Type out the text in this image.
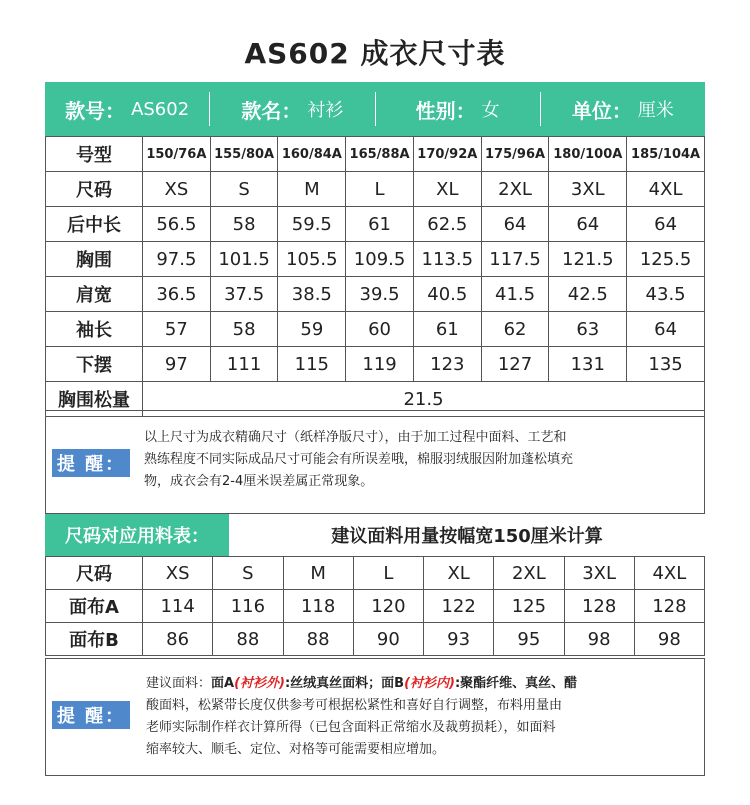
AS602 成衣尺寸表
款号： AS602	款名： 衬衫	性别： 女	单位： 厘米
号型	150/76A	155/80A	160/84A	165/88A	170/92A	175/96A	180/100A	185/104A
尺码	XS	S	M	L	XL	2XL	3XL	4XL
后中长	56.5	58	59.5	61	62.5	64	64	64
胸围	97.5	101.5	105.5	109.5	113.5	117.5	121.5	125.5
肩宽	36.5	37.5	38.5	39.5	40.5	41.5	42.5	43.5
袖长	57	58	59	60	61	62	63	64
下摆	97	111	115	119	123	127	131	135
胸围松量	21.5							
提 醒：
以上尺寸为成衣精确尺寸（纸样净版尺寸），由于加工过程中面料、工艺和
熟练程度不同实际成品尺寸可能会有所误差哦，棉服羽绒服因附加蓬松填充
物，成衣会有2-4厘米误差属正常现象。
尺码对应用料表：	建议面料用量按幅宽150厘米计算
尺码	XS	S	M	L	XL	2XL	3XL	4XL
面布A	114	116	118	120	122	125	128	128
面布B	86	88	88	90	93	95	98	98
提 醒：
建议面料：面A(衬衫外):丝绒真丝面料；面B(衬衫内):聚酯纤维、真丝、醋
酸面料，松紧带长度仅供参考可根据松紧性和喜好自行调整，布料用量由
老师实际制作样衣计算所得（已包含面料正常缩水及裁剪损耗），如面料
缩率较大、顺毛、定位、对格等可能需要相应增加。
